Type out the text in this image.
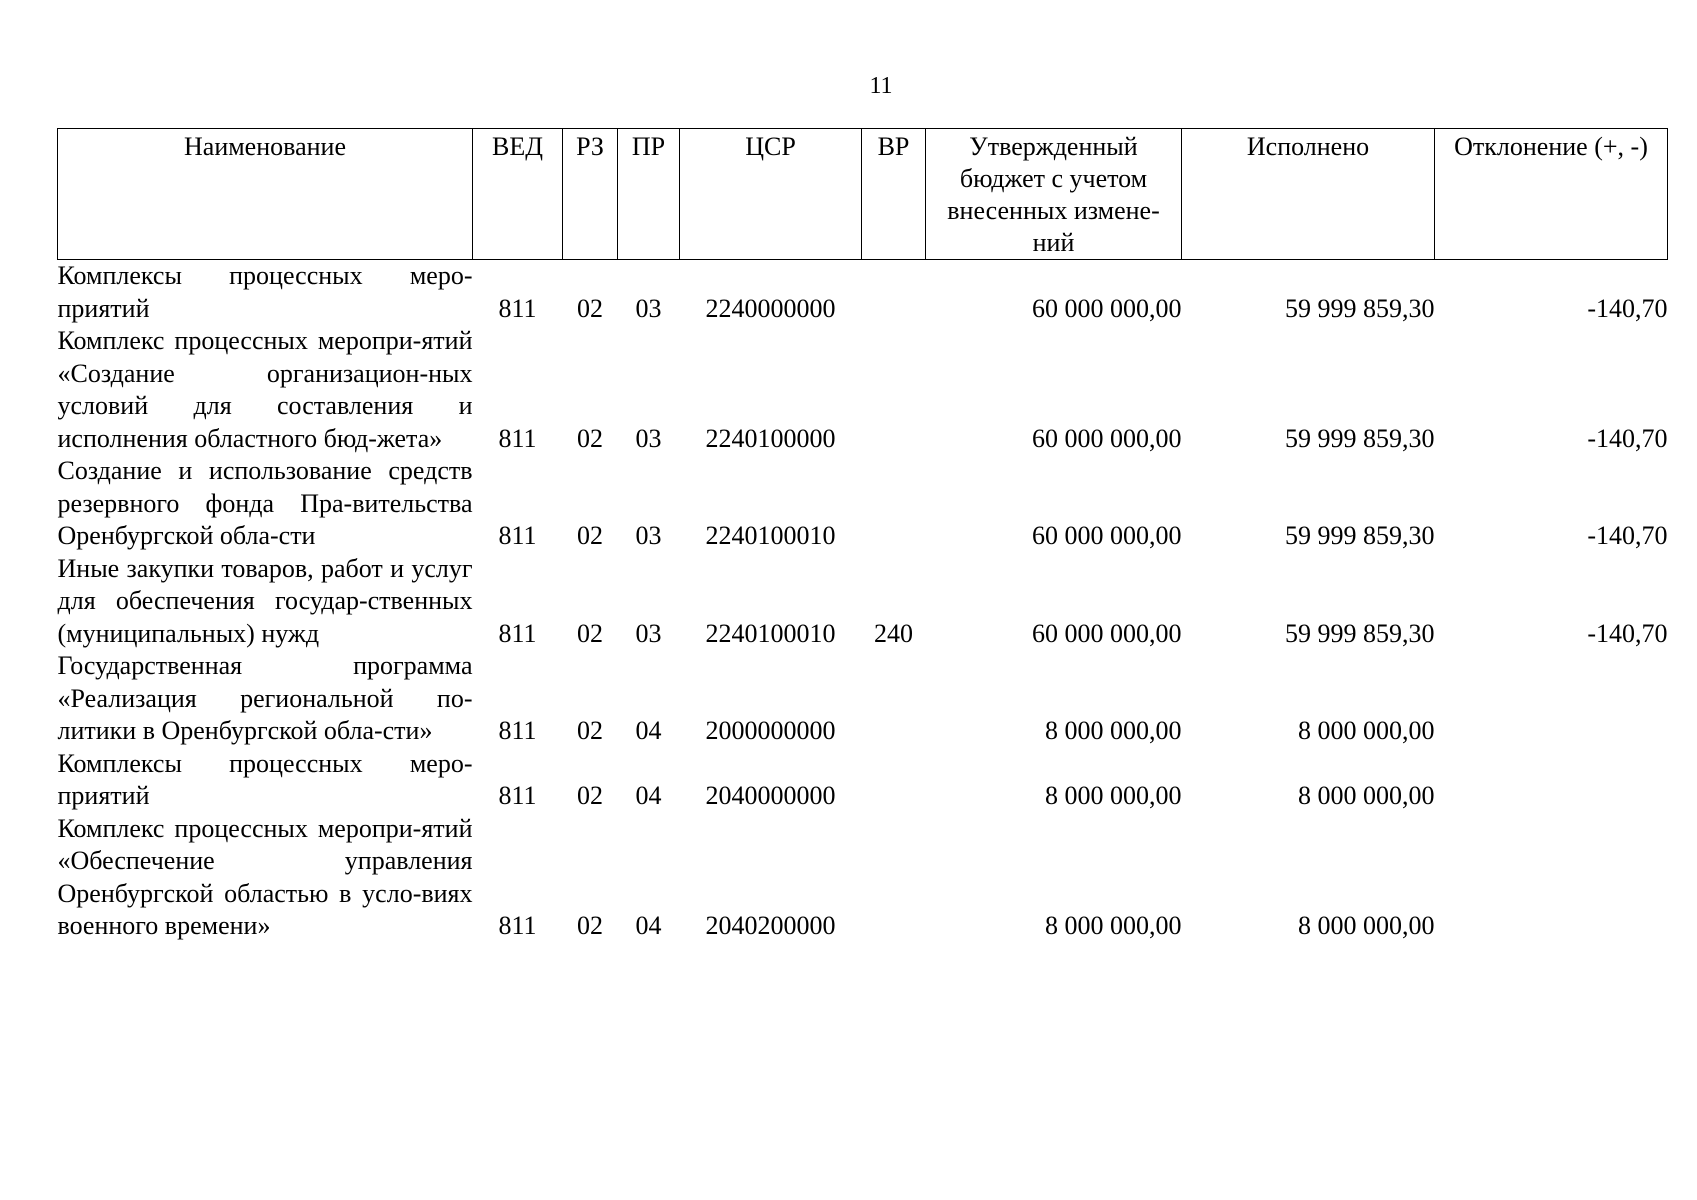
11
Наименование	ВЕД	РЗ	ПР	ЦСР	ВР	Утвержденный бюджет с учетом внесенных измене-ний	Исполнено	Отклонение (+, -)
Комплексы процессных меро-приятий	811	02	03	2240000000		60 000 000,00	59 999 859,30	-140,70
Комплекс процессных меропри-ятий «Создание организацион-ных условий для составления и исполнения областного бюд-жета»	811	02	03	2240100000		60 000 000,00	59 999 859,30	-140,70
Создание и использование средств резервного фонда Пра-вительства Оренбургской обла-сти	811	02	03	2240100010		60 000 000,00	59 999 859,30	-140,70
Иные закупки товаров, работ и услуг для обеспечения государ-ственных (муниципальных) нужд	811	02	03	2240100010	240	60 000 000,00	59 999 859,30	-140,70
Государственная программа «Реализация региональной по-литики в Оренбургской обла-сти»	811	02	04	2000000000		8 000 000,00	8 000 000,00	
Комплексы процессных меро-приятий	811	02	04	2040000000		8 000 000,00	8 000 000,00	
Комплекс процессных меропри-ятий «Обеспечение управления Оренбургской областью в усло-виях военного времени»	811	02	04	2040200000		8 000 000,00	8 000 000,00	
